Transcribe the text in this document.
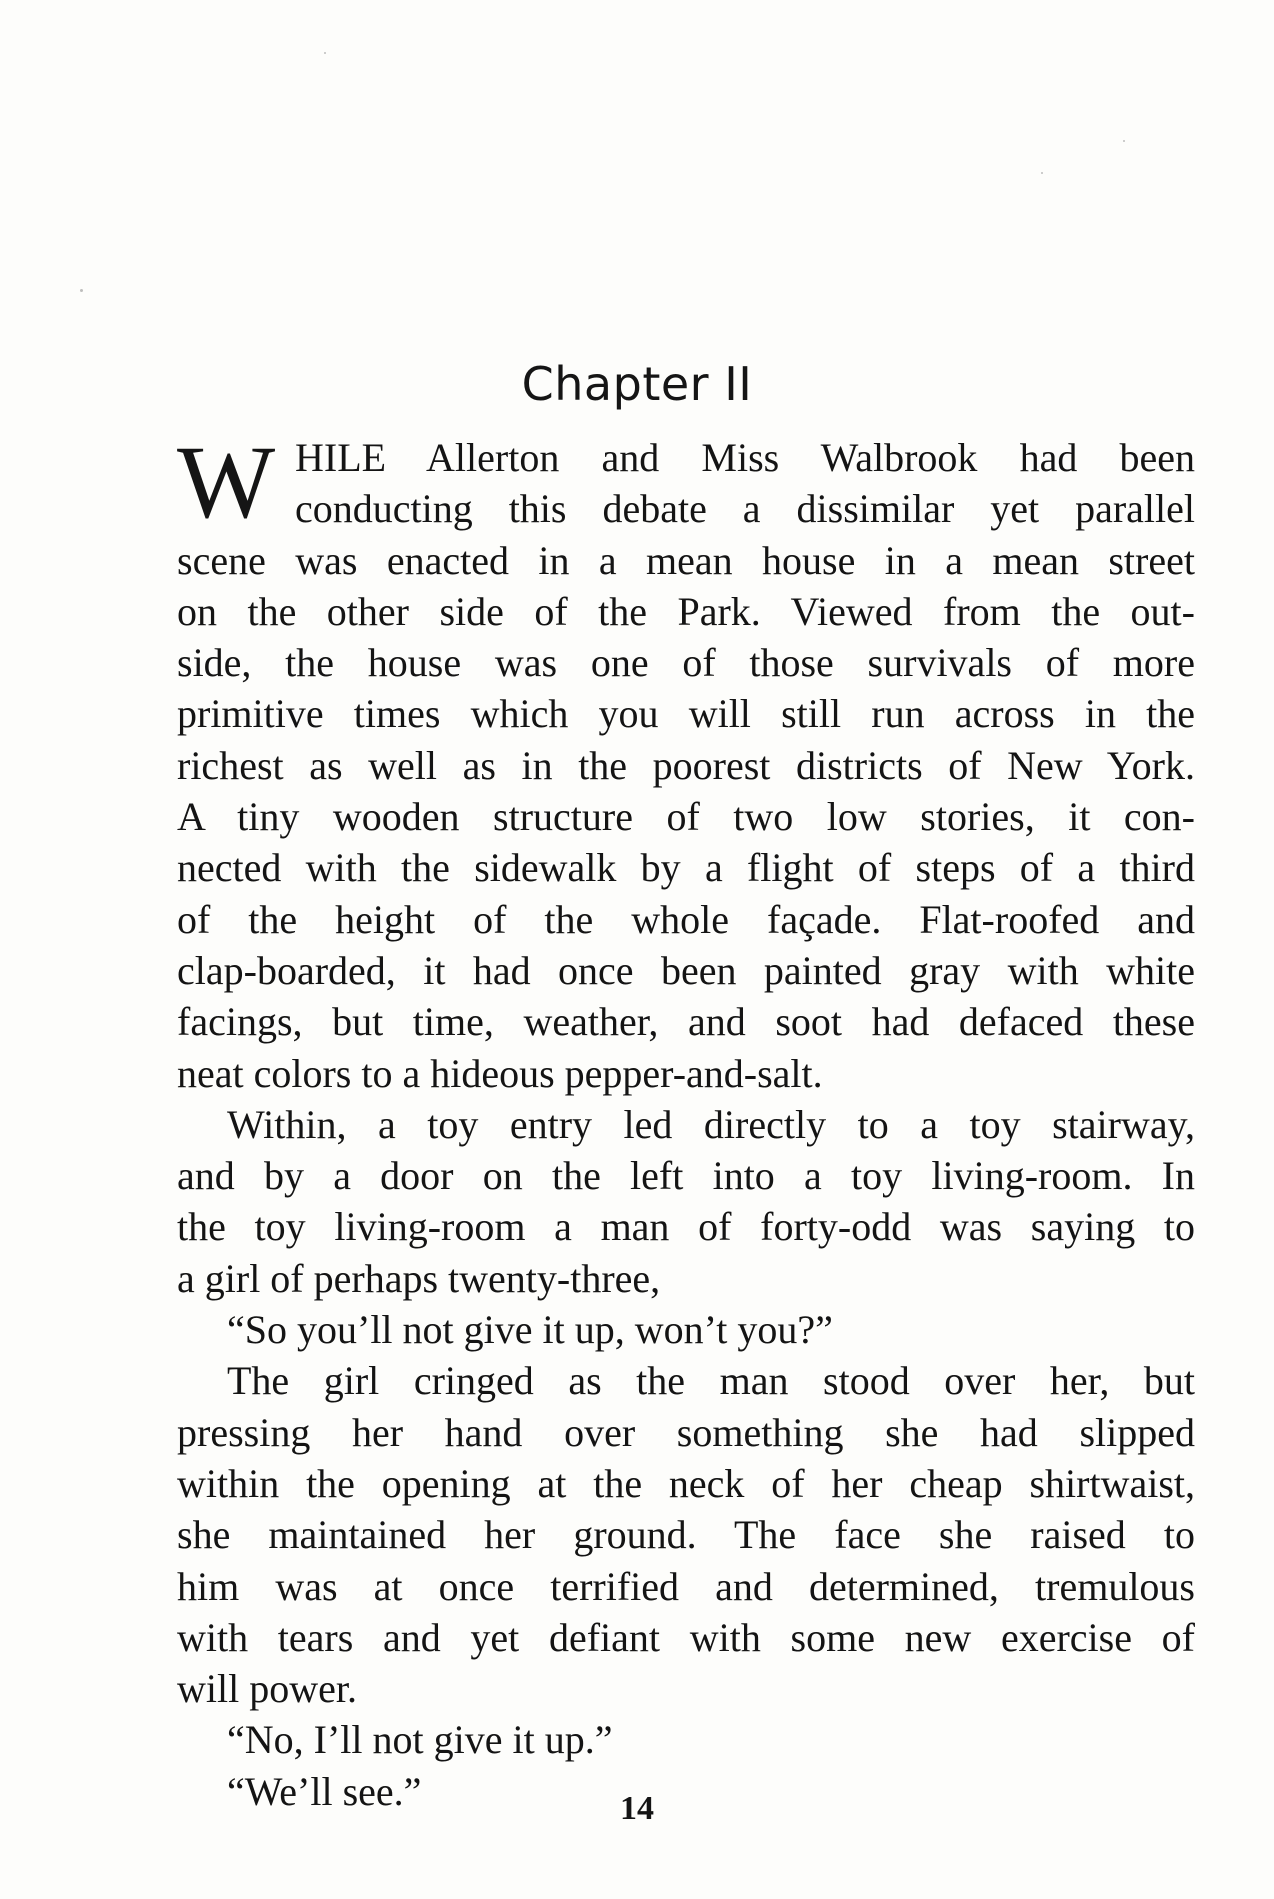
Chapter II
W HILE Allerton and Miss Walbrook had been
conducting this debate a dissimilar yet parallel
scene was enacted in a mean house in a mean street
on the other side of the Park. Viewed from the out-
side, the house was one of those survivals of more
primitive times which you will still run across in the
richest as well as in the poorest districts of New York.
A tiny wooden structure of two low stories, it con-
nected with the sidewalk by a flight of steps of a third
of the height of the whole façade. Flat-roofed and
clap-boarded, it had once been painted gray with white
facings, but time, weather, and soot had defaced these
neat colors to a hideous pepper-and-salt.
Within, a toy entry led directly to a toy stairway,
and by a door on the left into a toy living-room. In
the toy living-room a man of forty-odd was saying to
a girl of perhaps twenty-three,
“So you’ll not give it up, won’t you?”
The girl cringed as the man stood over her, but
pressing her hand over something she had slipped
within the opening at the neck of her cheap shirtwaist,
she maintained her ground. The face she raised to
him was at once terrified and determined, tremulous
with tears and yet defiant with some new exercise of
will power.
“No, I’ll not give it up.”
“We’ll see.”	14
